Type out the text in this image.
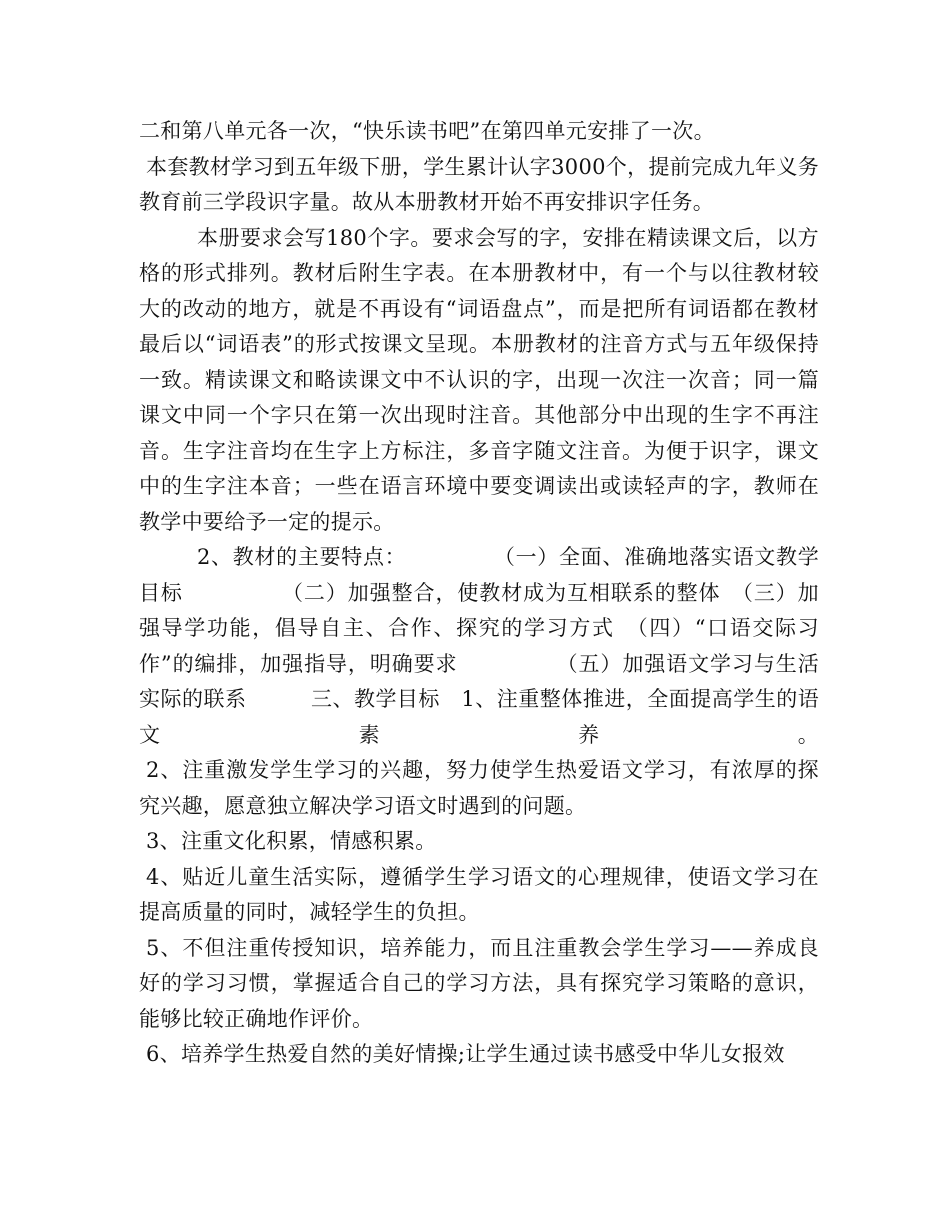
二和第八单元各一次，“快乐读书吧”在第四单元安排了一次。

本套教材学习到五年级下册，学生累计认字3000个，提前完成九年义务教育前三学段识字量。故从本册教材开始不再安排识字任务。

本册要求会写180个字。要求会写的字，安排在精读课文后，以方格的形式排列。教材后附生字表。在本册教材中，有一个与以往教材较大的改动的地方，就是不再设有“词语盘点”，而是把所有词语都在教材最后以“词语表”的形式按课文呈现。本册教材的注音方式与五年级保持一致。精读课文和略读课文中不认识的字，出现一次注一次音；同一篇课文中同一个字只在第一次出现时注音。其他部分中出现的生字不再注音。生字注音均在生字上方标注，多音字随文注音。为便于识字，课文中的生字注本音；一些在语言环境中要变调读出或读轻声的字，教师在教学中要给予一定的提示。

2、教材的主要特点：　　　　　（一）全面、准确地落实语文教学目标　　　　　（二）加强整合，使教材成为互相联系的整体　（三）加强导学功能，倡导自主、合作、探究的学习方式　（四）“口语交际习作”的编排，加强指导，明确要求　　　　　（五）加强语文学习与生活实际的联系　　　三、教学目标　1、注重整体推进，全面提高学生的语文素养。

2、注重激发学生学习的兴趣，努力使学生热爱语文学习，有浓厚的探究兴趣，愿意独立解决学习语文时遇到的问题。

3、注重文化积累，情感积累。

4、贴近儿童生活实际，遵循学生学习语文的心理规律，使语文学习在提高质量的同时，减轻学生的负担。

5、不但注重传授知识，培养能力，而且注重教会学生学习——养成良好的学习习惯，掌握适合自己的学习方法，具有探究学习策略的意识，能够比较正确地作评价。

6、培养学生热爱自然的美好情操;让学生通过读书感受中华儿女报效
